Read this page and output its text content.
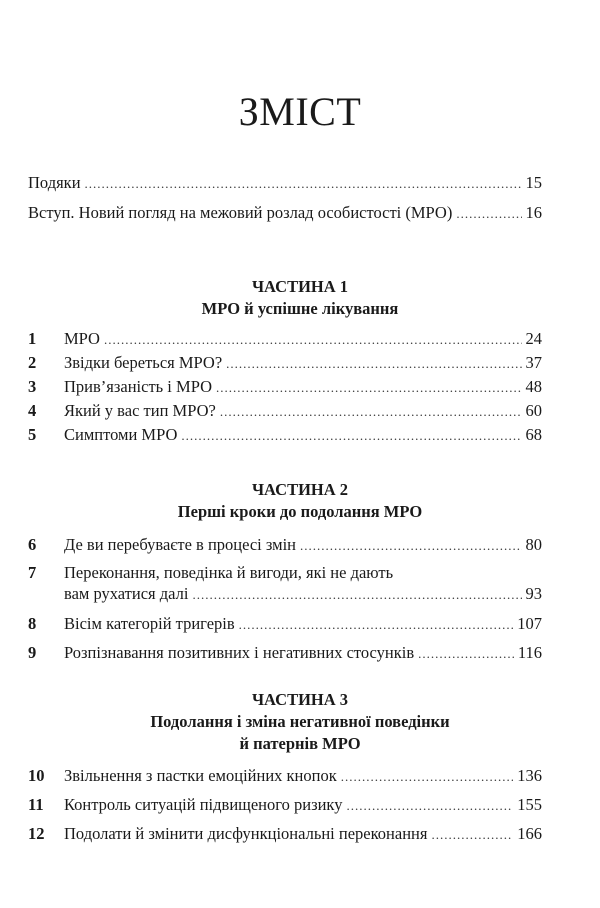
ЗМІСТ
Подяки .....	15
Вступ. Новий погляд на межовий розлад особистості (МРО) .....	16
ЧАСТИНА 1
МРО й успішне лікування
1	МРО .....	24
2	Звідки береться МРО? .....	37
3	Прив’язаність і МРО .....	48
4	Який у вас тип МРО? .....	60
5	Симптоми МРО .....	68
ЧАСТИНА 2
Перші кроки до подолання МРО
6	Де ви перебуваєте в процесі змін .....	80
7	Переконання, поведінка й вигоди, які не дають
вам рухатися далі .....	93
8	Вісім категорій тригерів .....	107
9	Розпізнавання позитивних і негативних стосунків .....	116
ЧАСТИНА 3
Подолання і зміна негативної поведінки
й патернів МРО
10	Звільнення з пастки емоційних кнопок .....	136
11	Контроль ситуацій підвищеного ризику .....	155
12	Подолати й змінити дисфункціональні переконання .....	166
